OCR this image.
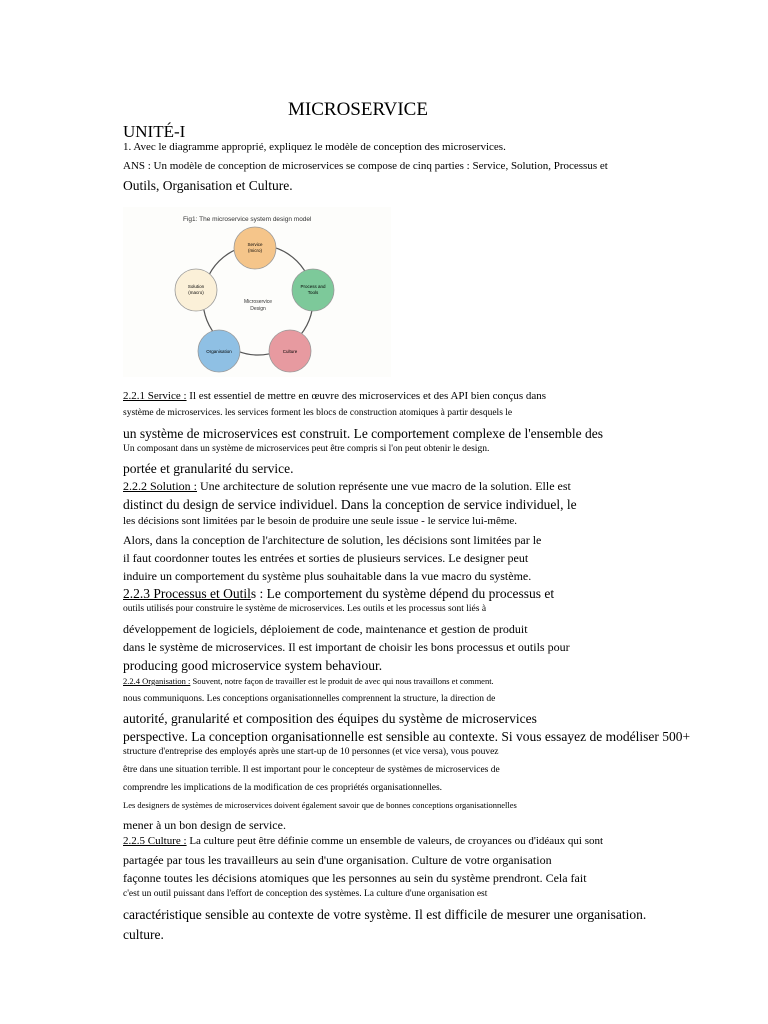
MICROSERVICE
UNITÉ-I
1. Avec le diagramme approprié, expliquez le modèle de conception des microservices.
ANS : Un modèle de conception de microservices se compose de cinq parties : Service, Solution, Processus et
Outils, Organisation et Culture.
Fig1: The microservice system design model
Microservice
Design
Service
(micro)
Process and
Tools
Culture
Organisation
Solution
(macro)
2.2.1 Service : Il est essentiel de mettre en œuvre des microservices et des API bien conçus dans
système de microservices. les services forment les blocs de construction atomiques à partir desquels le
un système de microservices est construit. Le comportement complexe de l'ensemble des
Un composant dans un système de microservices peut être compris si l'on peut obtenir le design.
portée et granularité du service.
2.2.2 Solution : Une architecture de solution représente une vue macro de la solution. Elle est
distinct du design de service individuel. Dans la conception de service individuel, le
les décisions sont limitées par le besoin de produire une seule issue - le service lui-même.
Alors, dans la conception de l'architecture de solution, les décisions sont limitées par le
il faut coordonner toutes les entrées et sorties de plusieurs services. Le designer peut
induire un comportement du système plus souhaitable dans la vue macro du système.
2.2.3 Processus et Outils : Le comportement du système dépend du processus et
outils utilisés pour construire le système de microservices. Les outils et les processus sont liés à
développement de logiciels, déploiement de code, maintenance et gestion de produit
dans le système de microservices. Il est important de choisir les bons processus et outils pour
producing good microservice system behaviour.
2.2.4 Organisation : Souvent, notre façon de travailler est le produit de avec qui nous travaillons et comment.
nous communiquons. Les conceptions organisationnelles comprennent la structure, la direction de
autorité, granularité et composition des équipes du système de microservices
perspective. La conception organisationnelle est sensible au contexte. Si vous essayez de modéliser 500+
structure d'entreprise des employés après une start-up de 10 personnes (et vice versa), vous pouvez
être dans une situation terrible. Il est important pour le concepteur de systèmes de microservices de
comprendre les implications de la modification de ces propriétés organisationnelles.
Les designers de systèmes de microservices doivent également savoir que de bonnes conceptions organisationnelles
mener à un bon design de service.
2.2.5 Culture : La culture peut être définie comme un ensemble de valeurs, de croyances ou d'idéaux qui sont
partagée par tous les travailleurs au sein d'une organisation. Culture de votre organisation
façonne toutes les décisions atomiques que les personnes au sein du système prendront. Cela fait
c'est un outil puissant dans l'effort de conception des systèmes. La culture d'une organisation est
caractéristique sensible au contexte de votre système. Il est difficile de mesurer une organisation.
culture.
